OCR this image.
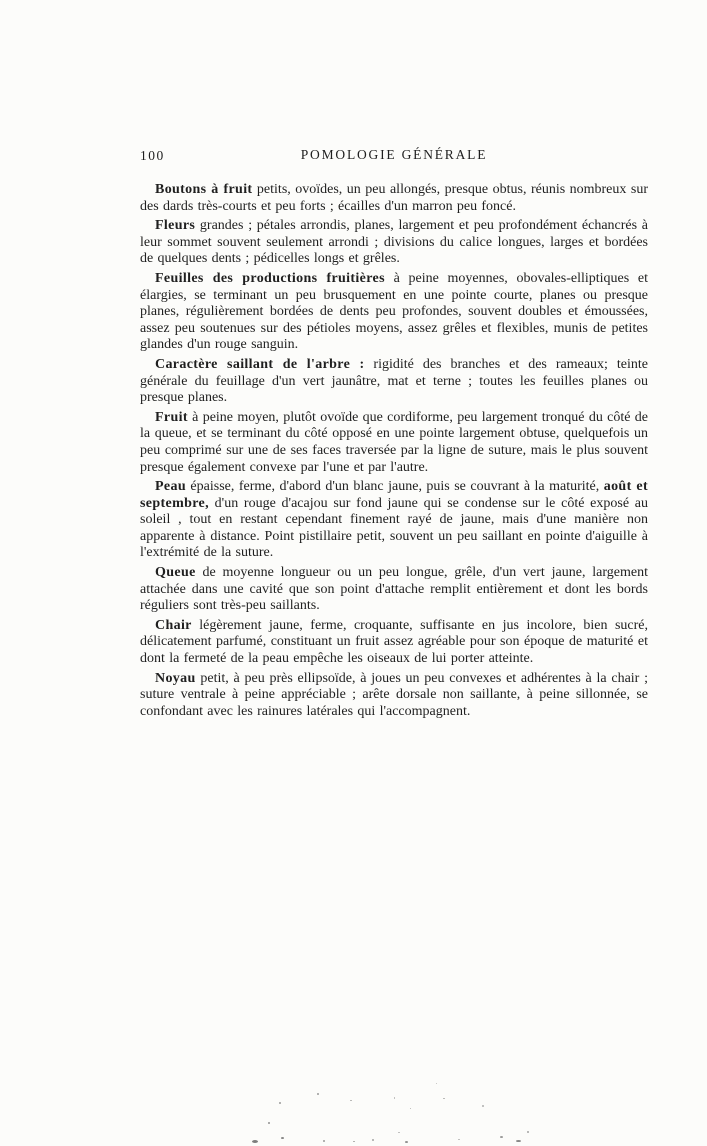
100	POMOLOGIE GÉNÉRALE

Boutons à fruit petits, ovoïdes, un peu allongés, presque obtus, réunis nombreux sur des dards très-courts et peu forts ; écailles d'un marron peu foncé.

Fleurs grandes ; pétales arrondis, planes, largement et peu profondément échancrés à leur sommet souvent seulement arrondi ; divisions du calice longues, larges et bordées de quelques dents ; pédicelles longs et grêles.

Feuilles des productions fruitières à peine moyennes, obovales-elliptiques et élargies, se terminant un peu brusquement en une pointe courte, planes ou presque planes, régulièrement bordées de dents peu profondes, souvent doubles et émoussées, assez peu soutenues sur des pétioles moyens, assez grêles et flexibles, munis de petites glandes d'un rouge sanguin.

Caractère saillant de l'arbre : rigidité des branches et des rameaux; teinte générale du feuillage d'un vert jaunâtre, mat et terne ; toutes les feuilles planes ou presque planes.

Fruit à peine moyen, plutôt ovoïde que cordiforme, peu largement tronqué du côté de la queue, et se terminant du côté opposé en une pointe largement obtuse, quelquefois un peu comprimé sur une de ses faces traversée par la ligne de suture, mais le plus souvent presque également convexe par l'une et par l'autre.

Peau épaisse, ferme, d'abord d'un blanc jaune, puis se couvrant à la maturité, août et septembre, d'un rouge d'acajou sur fond jaune qui se condense sur le côté exposé au soleil , tout en restant cependant finement rayé de jaune, mais d'une manière non apparente à distance. Point pistillaire petit, souvent un peu saillant en pointe d'aiguille à l'extrémité de la suture.

Queue de moyenne longueur ou un peu longue, grêle, d'un vert jaune, largement attachée dans une cavité que son point d'attache remplit entièrement et dont les bords réguliers sont très-peu saillants.

Chair légèrement jaune, ferme, croquante, suffisante en jus incolore, bien sucré, délicatement parfumé, constituant un fruit assez agréable pour son époque de maturité et dont la fermeté de la peau empêche les oiseaux de lui porter atteinte.

Noyau petit, à peu près ellipsoïde, à joues un peu convexes et adhérentes à la chair ; suture ventrale à peine appréciable ; arête dorsale non saillante, à peine sillonnée, se confondant avec les rainures latérales qui l'accompagnent.
